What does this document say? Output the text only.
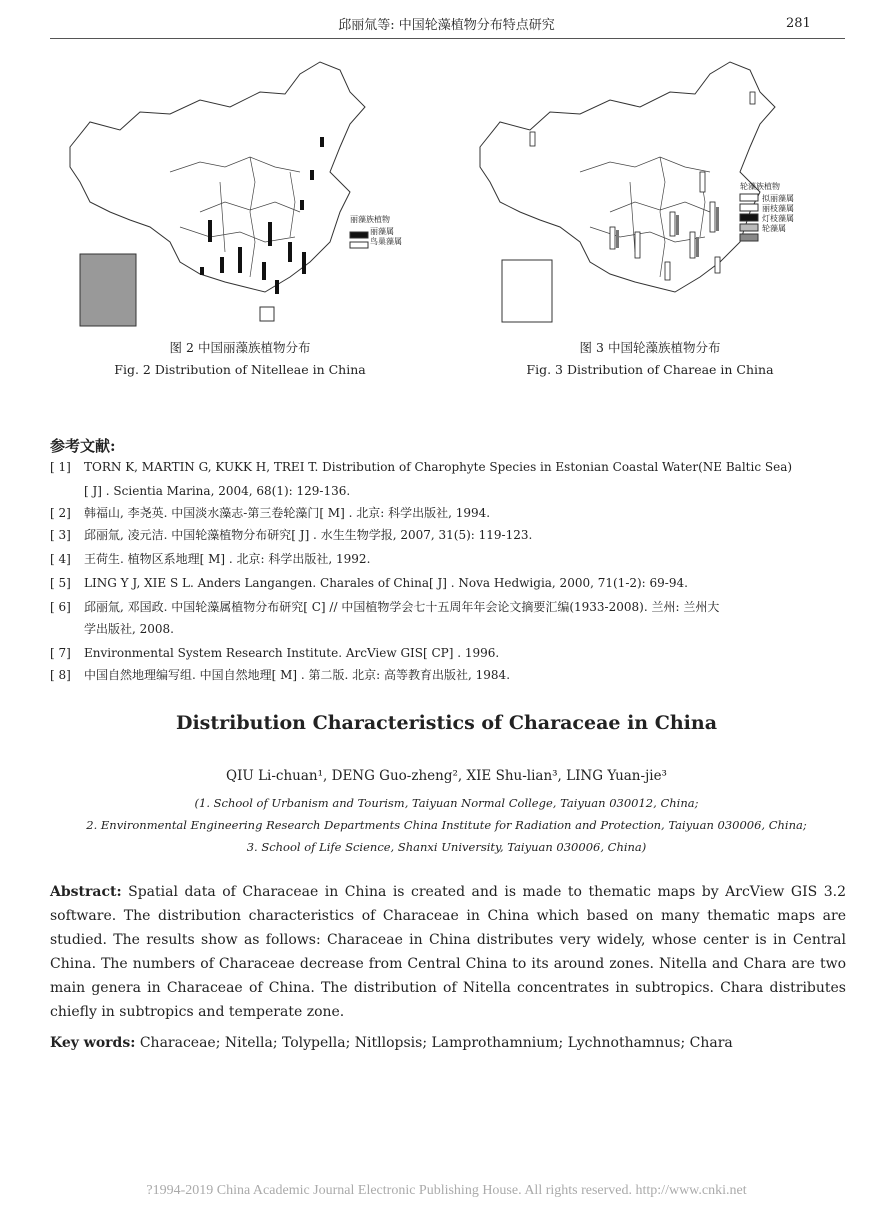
邱丽氚等: 中国轮藻植物分布特点研究	281
丽藻族植物
丽藻属
鸟巢藻属
轮藻族植物
拟丽藻属
丽枝藻属
灯枝藻属
轮藻属
图 2 中国丽藻族植物分布
Fig. 2 Distribution of Nitelleae in China
图 3 中国轮藻族植物分布
Fig. 3 Distribution of Chareae in China
参考文献:
[ 1] TORN K, MARTIN G, KUKK H, TREI T. Distribution of Charophyte Species in Estonian Coastal Water(NE Baltic Sea)
[ J] . Scientia Marina, 2004, 68(1): 129-136.
[ 2] 韩福山, 李尧英. 中国淡水藻志-第三卷轮藻门[ M] . 北京: 科学出版社, 1994.
[ 3] 邱丽氚, 凌元洁. 中国轮藻植物分布研究[ J] . 水生生物学报, 2007, 31(5): 119-123.
[ 4] 王荷生. 植物区系地理[ M] . 北京: 科学出版社, 1992.
[ 5] LING Y J, XIE S L. Anders Langangen. Charales of China[ J] . Nova Hedwigia, 2000, 71(1-2): 69-94.
[ 6] 邱丽氚, 邓国政. 中国轮藻属植物分布研究[ C] // 中国植物学会七十五周年年会论文摘要汇编(1933-2008). 兰州: 兰州大
学出版社, 2008.
[ 7] Environmental System Research Institute. ArcView GIS[ CP] . 1996.
[ 8] 中国自然地理编写组. 中国自然地理[ M] . 第二版. 北京: 高等教育出版社, 1984.
Distribution Characteristics of Characeae in China
QIU Li-chuan¹, DENG Guo-zheng², XIE Shu-lian³, LING Yuan-jie³
(1. School of Urbanism and Tourism, Taiyuan Normal College, Taiyuan 030012, China;
2. Environmental Engineering Research Departments China Institute for Radiation and Protection, Taiyuan 030006, China;
3. School of Life Science, Shanxi University, Taiyuan 030006, China)
Abstract: Spatial data of Characeae in China is created and is made to thematic maps by ArcView GIS 3.2 software. The distribution characteristics of Characeae in China which based on many thematic maps are studied. The results show as follows: Characeae in China distributes very widely, whose center is in Central China. The numbers of Characeae decrease from Central China to its around zones. Nitella and Chara are two main genera in Characeae of China. The distribution of Nitella concentrates in subtropics. Chara distributes chiefly in subtropics and temperate zone.
Key words: Characeae; Nitella; Tolypella; Nitllopsis; Lamprothamnium; Lychnothamnus; Chara
?1994-2019 China Academic Journal Electronic Publishing House. All rights reserved. http://www.cnki.net
